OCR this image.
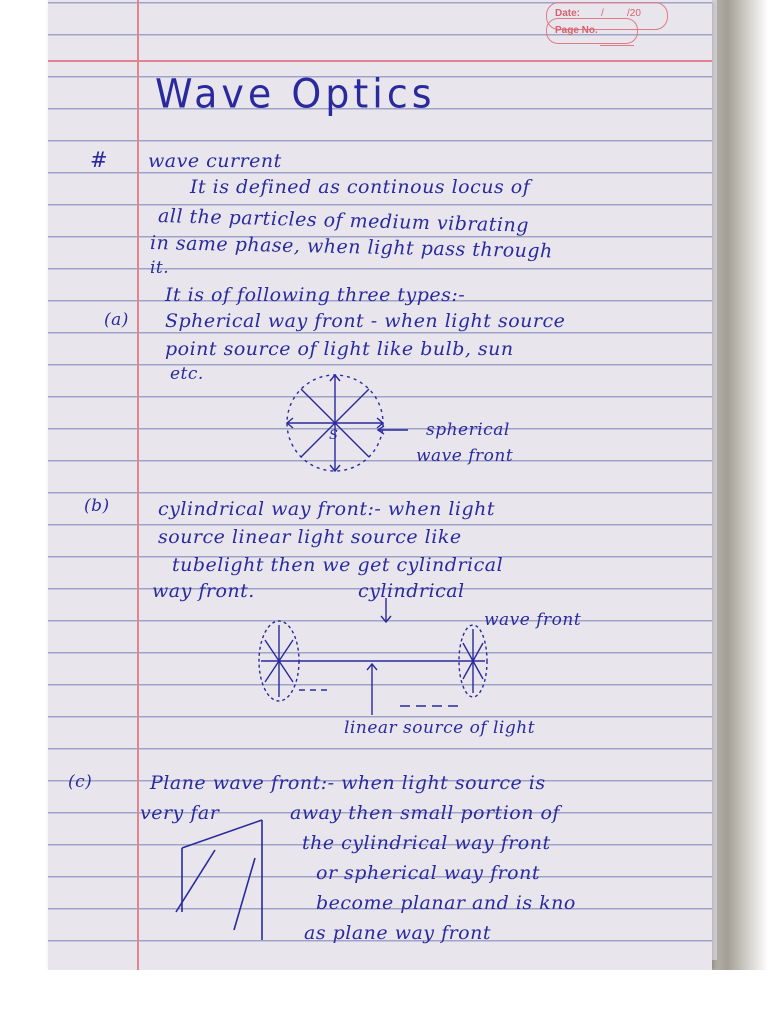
Date: / /20
Page No.
Wave Optics
# wave current
It is defined as continous locus of
all the particles of medium vibrating
in same phase, when light pass through
it.
It is of following three types:-
(a) Spherical way front - when light source
point source of light like bulb, sun
etc.
S	spherical
wave front
(b)	cylindrical way front:- when light
source linear light source like
tubelight then we get cylindrical
way front.	cylindrical
wave front
linear source of light
(c)	Plane wave front:- when light source is
very far	away then small portion of
the cylindrical way front
or spherical way front
become planar and is kno
as plane way front
